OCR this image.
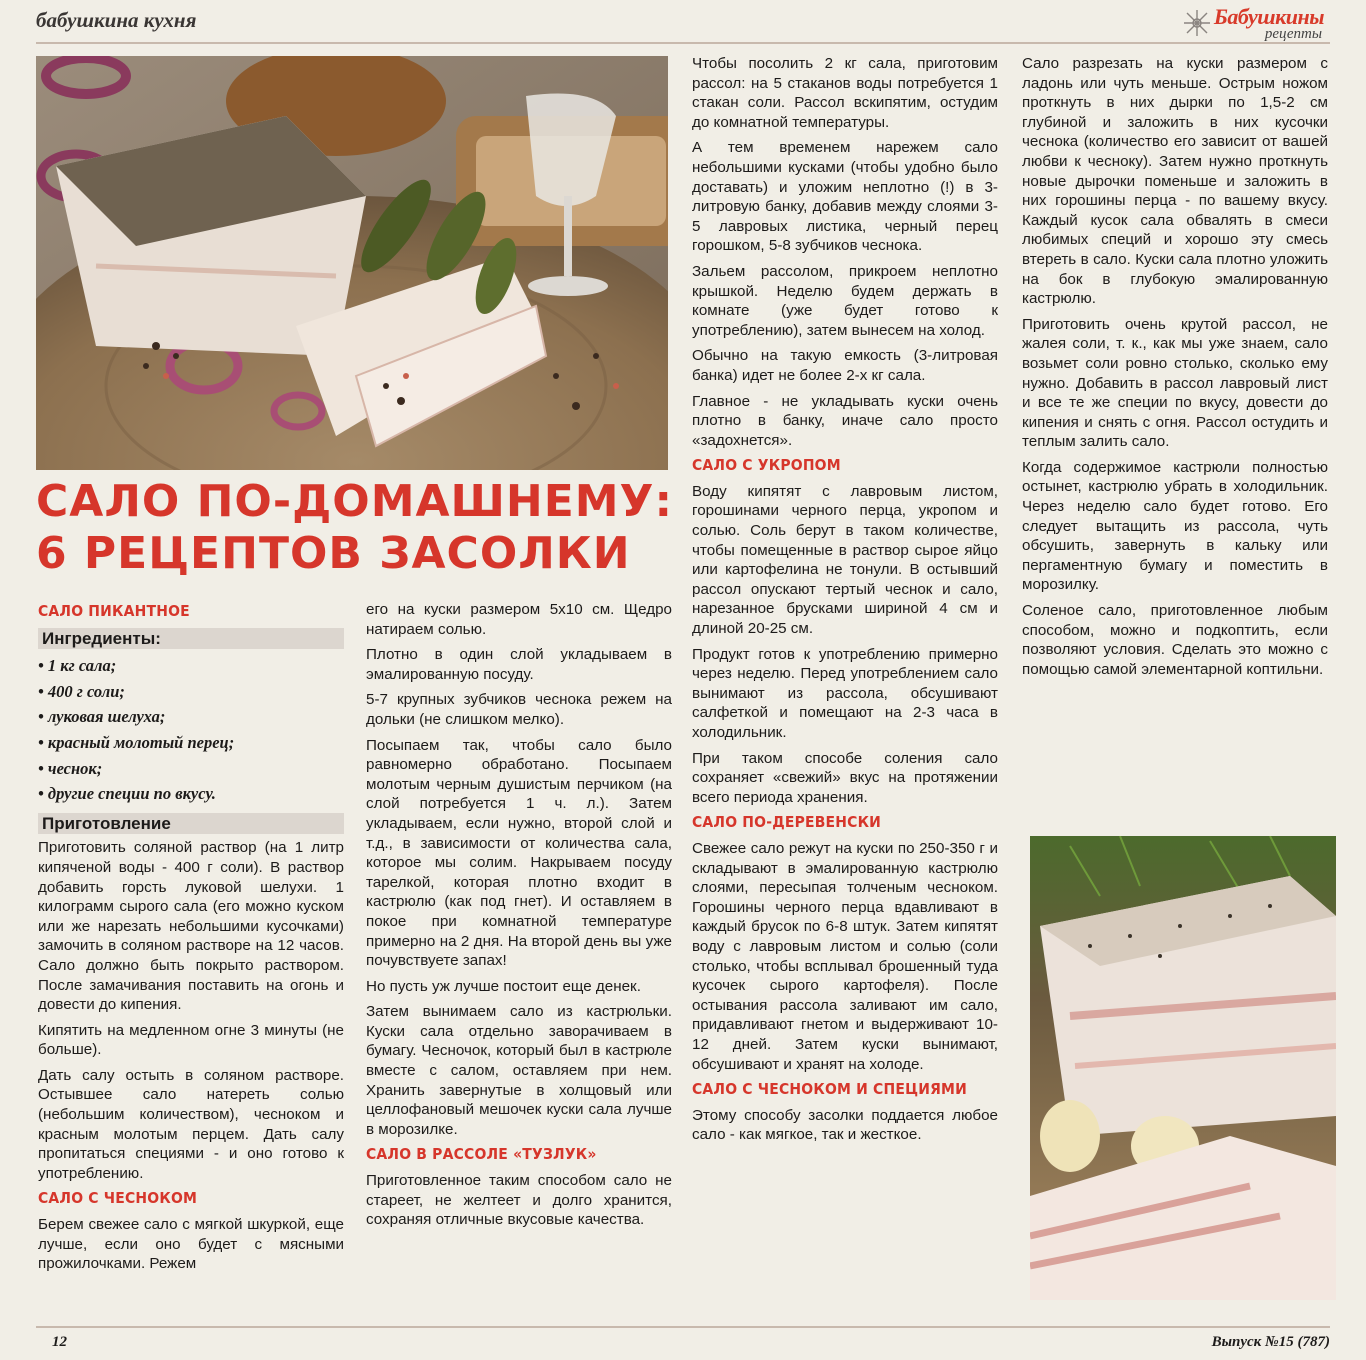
бабушкина кухня	Бабушкины
рецепты
САЛО ПО-ДОМАШНЕМУ:
6 РЕЦЕПТОВ ЗАСОЛКИ
САЛО ПИКАНТНОЕ
Ингредиенты:
• 1 кг сала;
• 400 г соли;
• луковая шелуха;
• красный молотый перец;
• чеснок;
• другие специи по вкусу.
Приготовление

Приготовить соляной раствор (на 1 литр кипяченой воды - 400 г соли). В раствор добавить горсть луковой шелухи. 1 килограмм сырого сала (его можно куском или же нарезать небольшими кусочками) замочить в соляном растворе на 12 часов. Сало должно быть покрыто раствором. После замачивания поставить на огонь и довести до кипения.

Кипятить на медленном огне 3 минуты (не больше).

Дать салу остыть в соляном растворе. Остывшее сало натереть солью (небольшим количеством), чесноком и красным молотым перцем. Дать салу пропитаться специями - и оно готово к употреблению.

САЛО С ЧЕСНОКОМ

Берем свежее сало с мягкой шкуркой, еще лучше, если оно будет с мясными прожилочками. Режем

его на куски размером 5х10 см. Щедро натираем солью.

Плотно в один слой укладываем в эмалированную посуду.

5-7 крупных зубчиков чеснока режем на дольки (не слишком мелко).

Посыпаем так, чтобы сало было равномерно обработано. Посыпаем молотым черным душистым перчиком (на слой потребуется 1 ч. л.). Затем укладываем, если нужно, второй слой и т.д., в зависимости от количества сала, которое мы солим. Накрываем посуду тарелкой, которая плотно входит в кастрюлю (как под гнет). И оставляем в покое при комнатной температуре примерно на 2 дня. На второй день вы уже почувствуете запах!

Но пусть уж лучше постоит еще денек.

Затем вынимаем сало из кастрюльки. Куски сала отдельно заворачиваем в бумагу. Чесночок, который был в кастрюле вместе с салом, оставляем при нем. Хранить завернутые в холщовый или целлофановый мешочек куски сала лучше в морозилке.

САЛО В РАССОЛЕ «ТУЗЛУК»

Приготовленное таким способом сало не стареет, не желтеет и долго хранится, сохраняя отличные вкусовые качества.

Чтобы посолить 2 кг сала, приготовим рассол: на 5 стаканов воды потребуется 1 стакан соли. Рассол вскипятим, остудим до комнатной температуры.

А тем временем нарежем сало небольшими кусками (чтобы удобно было доставать) и уложим неплотно (!) в 3-литровую банку, добавив между слоями 3-5 лавровых листика, черный перец горошком, 5-8 зубчиков чеснока.

Зальем рассолом, прикроем неплотно крышкой. Неделю будем держать в комнате (уже будет готово к употреблению), затем вынесем на холод.

Обычно на такую емкость (3-литровая банка) идет не более 2-х кг сала.

Главное - не укладывать куски очень плотно в банку, иначе сало просто «задохнется».

САЛО С УКРОПОМ

Воду кипятят с лавровым листом, горошинами черного перца, укропом и солью. Соль берут в таком количестве, чтобы помещенные в раствор сырое яйцо или картофелина не тонули. В остывший рассол опускают тертый чеснок и сало, нарезанное брусками шириной 4 см и длиной 20-25 см.

Продукт готов к употреблению примерно через неделю. Перед употреблением сало вынимают из рассола, обсушивают салфеткой и помещают на 2-3 часа в холодильник.

При таком способе соления сало сохраняет «свежий» вкус на протяжении всего периода хранения.

САЛО ПО-ДЕРЕВЕНСКИ

Свежее сало режут на куски по 250-350 г и складывают в эмалированную кастрюлю слоями, пересыпая толченым чесноком. Горошины черного перца вдавливают в каждый брусок по 6-8 штук. Затем кипятят воду с лавровым листом и солью (соли столько, чтобы всплывал брошенный туда кусочек сырого картофеля). После остывания рассола заливают им сало, придавливают гнетом и выдерживают 10-12 дней. Затем куски вынимают, обсушивают и хранят на холоде.

САЛО С ЧЕСНОКОМ И СПЕЦИЯМИ

Этому способу засолки поддается любое сало - как мягкое, так и жесткое.

Сало разрезать на куски размером с ладонь или чуть меньше. Острым ножом проткнуть в них дырки по 1,5-2 см глубиной и заложить в них кусочки чеснока (количество его зависит от вашей любви к чесноку). Затем нужно проткнуть новые дырочки поменьше и заложить в них горошины перца - по вашему вкусу. Каждый кусок сала обвалять в смеси любимых специй и хорошо эту смесь втереть в сало. Куски сала плотно уложить на бок в глубокую эмалированную кастрюлю.

Приготовить очень крутой рассол, не жалея соли, т. к., как мы уже знаем, сало возьмет соли ровно столько, сколько ему нужно. Добавить в рассол лавровый лист и все те же специи по вкусу, довести до кипения и снять с огня. Рассол остудить и теплым залить сало.

Когда содержимое кастрюли полностью остынет, кастрюлю убрать в холодильник. Через неделю сало будет готово. Его следует вытащить из рассола, чуть обсушить, завернуть в кальку или пергаментную бумагу и поместить в морозилку.

Соленое сало, приготовленное любым способом, можно и подкоптить, если позволяют условия. Сделать это можно с помощью самой элементарной коптильни.

12	Выпуск №15 (787)
